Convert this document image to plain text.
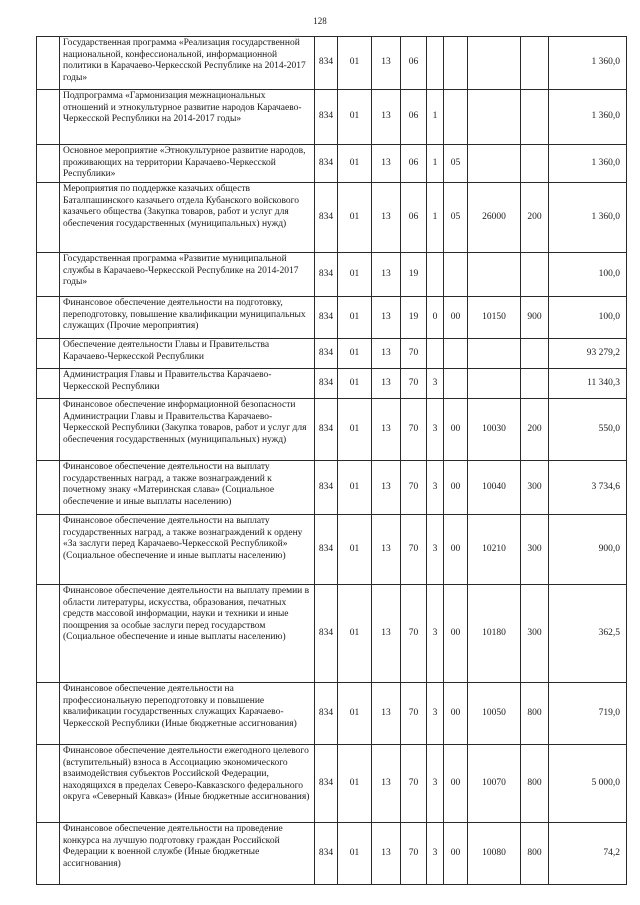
128
	Государственная программа «Реализация государственной национальной, конфессиональной, информационной политики в Карачаево-Черкесской Республике на 2014-2017 годы»	834	01	13	06					1 360,0
	Подпрограмма «Гармонизация межнациональных отношений и этнокультурное развитие народов Карачаево-Черкесской Республики на 2014-2017 годы»	834	01	13	06	1				1 360,0
	Основное мероприятие «Этнокультурное развитие народов, проживающих на территории Карачаево-Черкесской Республики»	834	01	13	06	1	05			1 360,0
	Мероприятия по поддержке казачьих обществ Баталпашинского казачьего отдела Кубанского войскового казачьего общества (Закупка товаров, работ и услуг для обеспечения государственных (муниципальных) нужд)	834	01	13	06	1	05	26000	200	1 360,0
	Государственная программа «Развитие муниципальной службы в Карачаево-Черкесской Республике на 2014-2017 годы»	834	01	13	19					100,0
	Финансовое обеспечение деятельности на подготовку, переподготовку, повышение квалификации муниципальных служащих (Прочие мероприятия)	834	01	13	19	0	00	10150	900	100,0
	Обеспечение деятельности Главы и Правительства Карачаево-Черкесской Республики	834	01	13	70					93 279,2
	Администрация Главы и Правительства Карачаево-Черкесской Республики	834	01	13	70	3				11 340,3
	Финансовое обеспечение информационной безопасности Администрации Главы и Правительства Карачаево-Черкесской Республики (Закупка товаров, работ и услуг для обеспечения государственных (муниципальных) нужд)	834	01	13	70	3	00	10030	200	550,0
	Финансовое обеспечение деятельности на выплату государственных наград, а также вознаграждений к почетному знаку «Материнская слава» (Социальное обеспечение и иные выплаты населению)	834	01	13	70	3	00	10040	300	3 734,6
	Финансовое обеспечение деятельности на выплату государственных наград, а также вознаграждений к ордену «За заслуги перед Карачаево-Черкесской Республикой» (Социальное обеспечение и иные выплаты населению)	834	01	13	70	3	00	10210	300	900,0
	Финансовое обеспечение деятельности на выплату премии в области литературы, искусства, образования, печатных средств массовой информации, науки и техники и иные поощрения за особые заслуги перед государством (Социальное обеспечение и иные выплаты населению)	834	01	13	70	3	00	10180	300	362,5
	Финансовое обеспечение деятельности на профессиональную переподготовку и повышение квалификации государственных служащих Карачаево-Черкесской Республики (Иные бюджетные ассигнования)	834	01	13	70	3	00	10050	800	719,0
	Финансовое обеспечение деятельности ежегодного целевого (вступительный) взноса в Ассоциацию экономического взаимодействия субъектов Российской Федерации, находящихся в пределах Северо-Кавказского федерального округа «Северный Кавказ» (Иные бюджетные ассигнования)	834	01	13	70	3	00	10070	800	5 000,0
	Финансовое обеспечение деятельности на проведение конкурса на лучшую подготовку граждан Российской Федерации к военной службе (Иные бюджетные ассигнования)	834	01	13	70	3	00	10080	800	74,2
